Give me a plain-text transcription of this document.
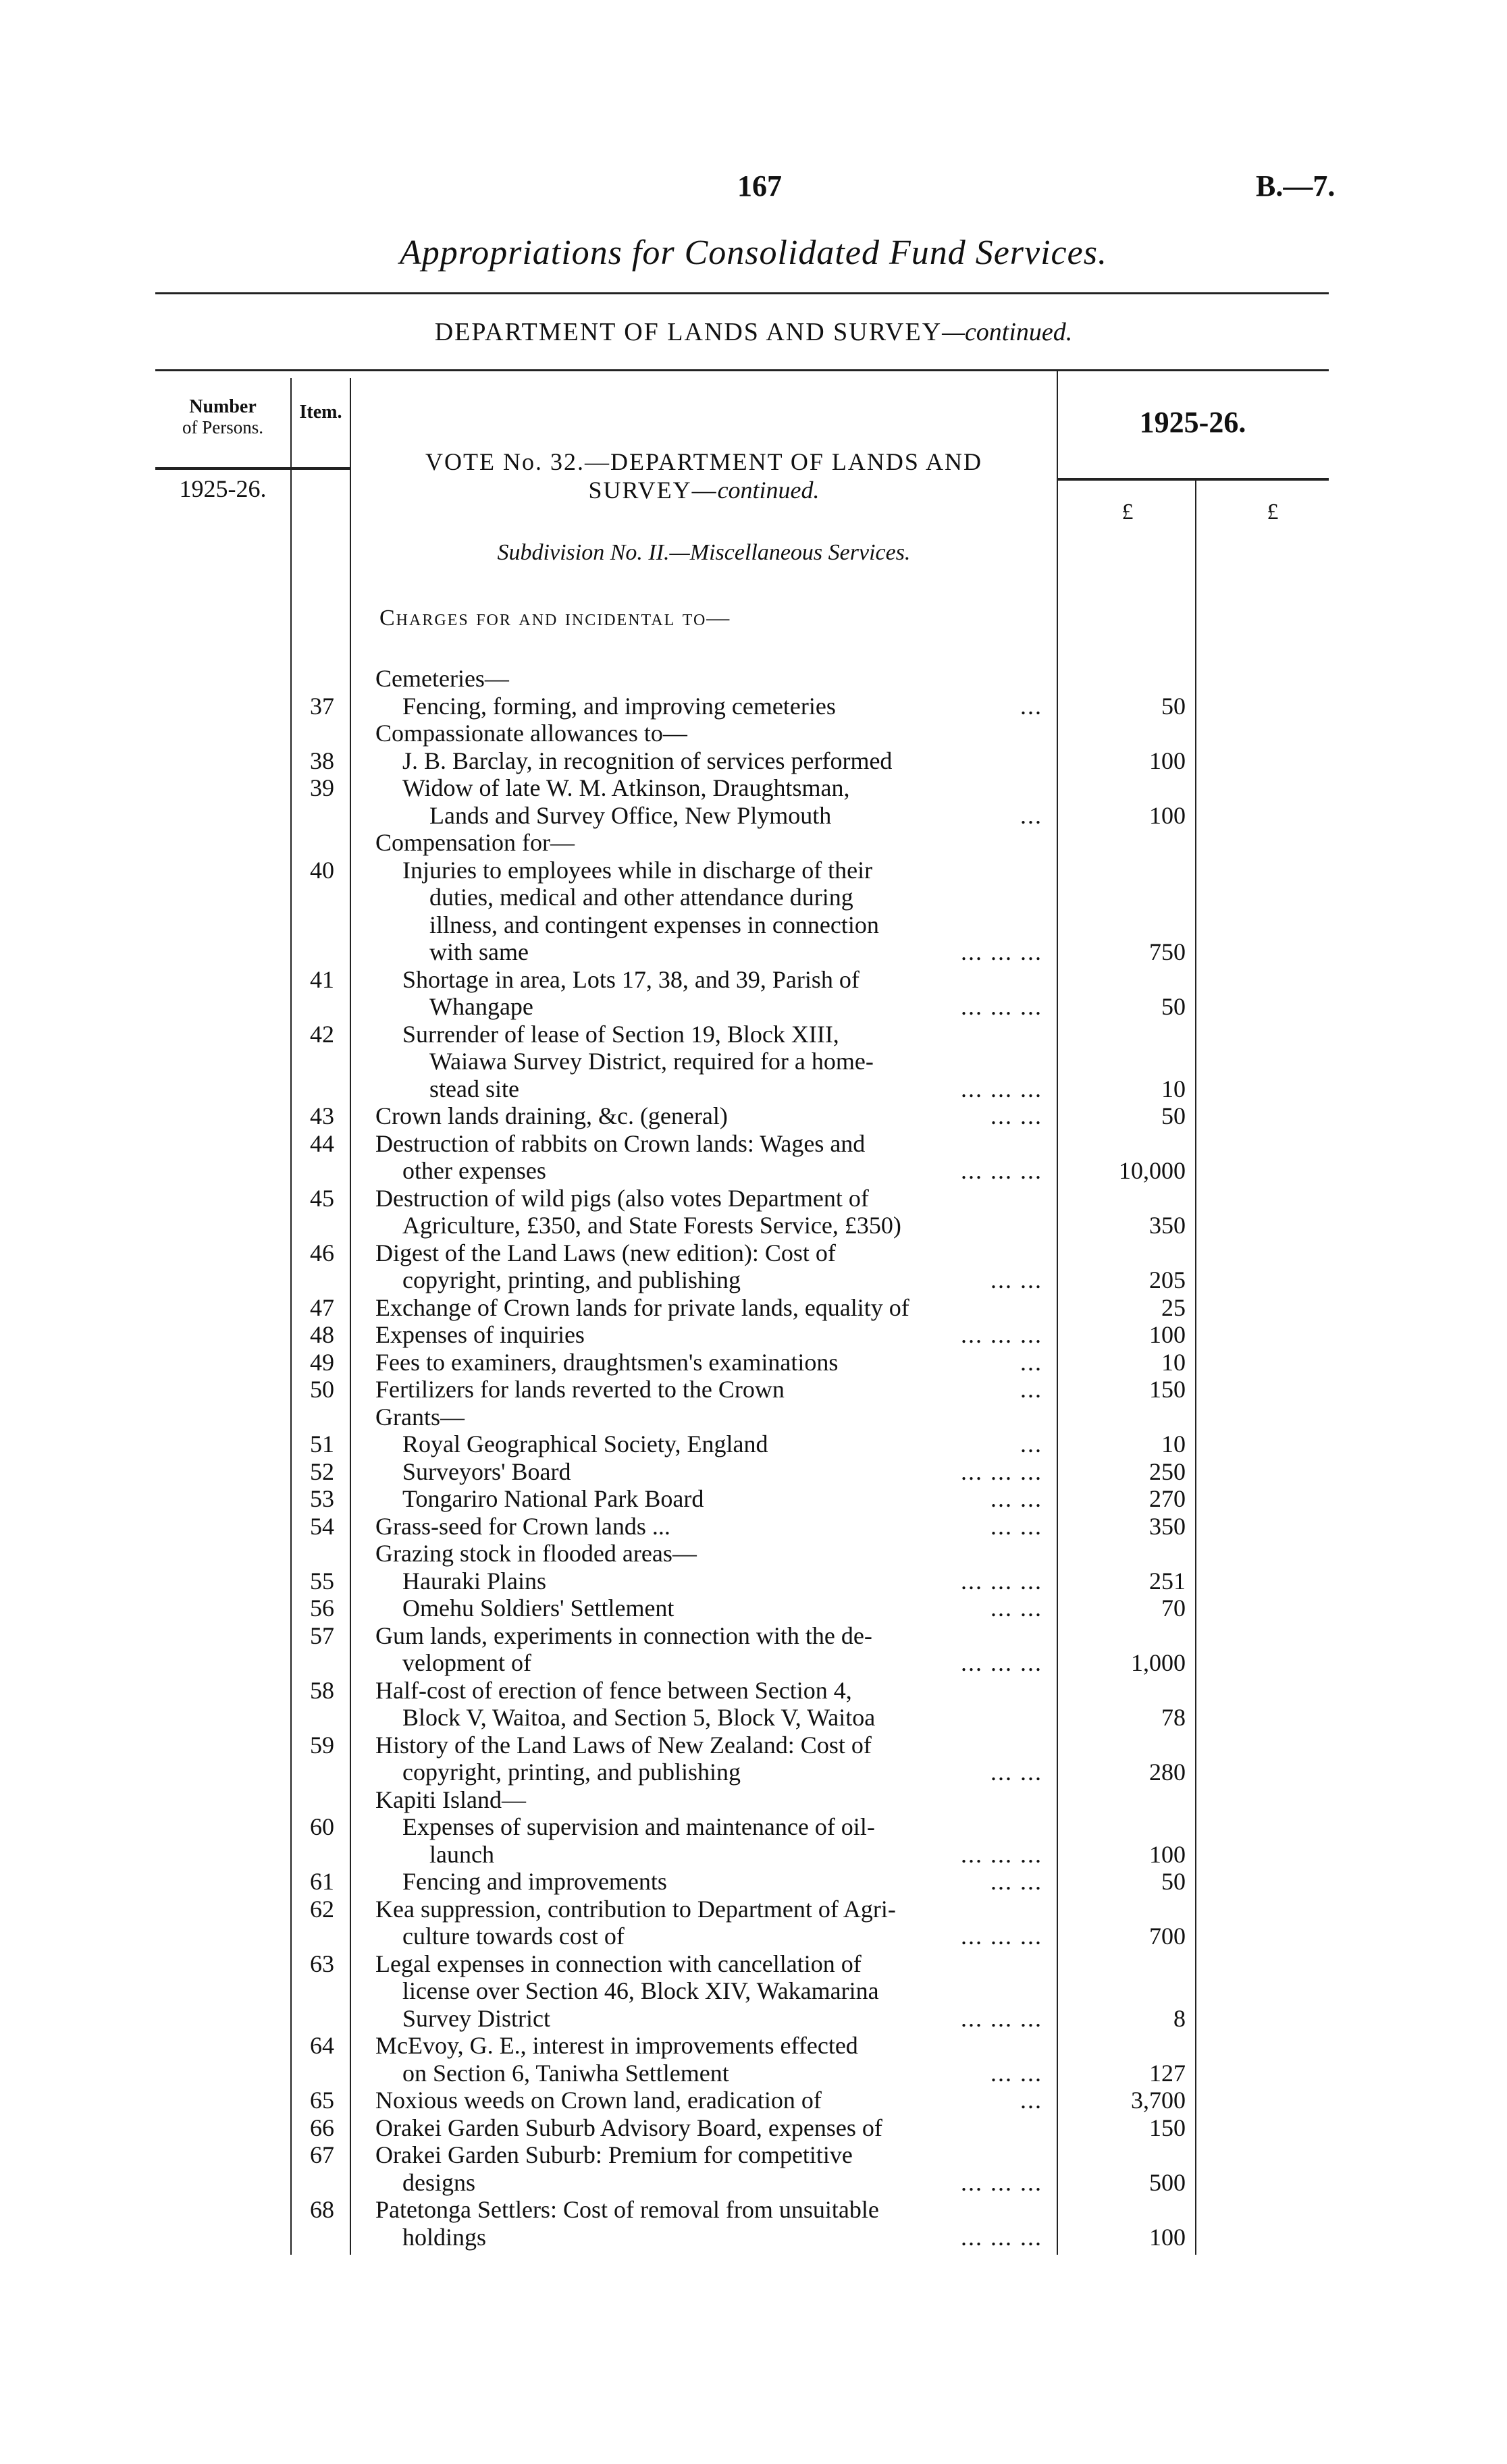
167	B.—7.
Appropriations for Consolidated Fund Services.
DEPARTMENT OF LANDS AND SURVEY—continued.
Number
of Persons.
Item.	1925-26.
1925-26.
£	£
VOTE No. 32.—DEPARTMENT OF LANDS AND
SURVEY—continued.
Subdivision No. II.—Miscellaneous Services.
Charges for and incidental to—
Cemeteries—
37	Fencing, forming, and improving cemeteries	...	50
Compassionate allowances to—
38	J. B. Barclay, in recognition of services performed	100
39	Widow of late W. M. Atkinson, Draughtsman,
Lands and Survey Office, New Plymouth	...	100
Compensation for—
40	Injuries to employees while in discharge of their
duties, medical and other attendance during
illness, and contingent expenses in connection
with same	... ... ...	750
41	Shortage in area, Lots 17, 38, and 39, Parish of
Whangape	... ... ...	50
42	Surrender of lease of Section 19, Block XIII,
Waiawa Survey District, required for a home-
stead site	... ... ...	10
43	Crown lands draining, &c. (general)	... ...	50
44	Destruction of rabbits on Crown lands: Wages and
other expenses	... ... ...	10,000
45	Destruction of wild pigs (also votes Department of
Agriculture, £350, and State Forests Service, £350)	350
46	Digest of the Land Laws (new edition): Cost of
copyright, printing, and publishing	... ...	205
47	Exchange of Crown lands for private lands, equality of	25
48	Expenses of inquiries	... ... ...	100
49	Fees to examiners, draughtsmen's examinations	...	10
50	Fertilizers for lands reverted to the Crown	...	150
Grants—
51	Royal Geographical Society, England	...	10
52	Surveyors' Board	... ... ...	250
53	Tongariro National Park Board	... ...	270
54	Grass-seed for Crown lands ...	... ...	350
Grazing stock in flooded areas—
55	Hauraki Plains	... ... ...	251
56	Omehu Soldiers' Settlement	... ...	70
57	Gum lands, experiments in connection with the de-
velopment of	... ... ...	1,000
58	Half-cost of erection of fence between Section 4,
Block V, Waitoa, and Section 5, Block V, Waitoa	78
59	History of the Land Laws of New Zealand: Cost of
copyright, printing, and publishing	... ...	280
Kapiti Island—
60	Expenses of supervision and maintenance of oil-
launch	... ... ...	100
61	Fencing and improvements	... ...	50
62	Kea suppression, contribution to Department of Agri-
culture towards cost of	... ... ...	700
63	Legal expenses in connection with cancellation of
license over Section 46, Block XIV, Wakamarina
Survey District	... ... ...	8
64	McEvoy, G. E., interest in improvements effected
on Section 6, Taniwha Settlement	... ...	127
65	Noxious weeds on Crown land, eradication of	...	3,700
66	Orakei Garden Suburb Advisory Board, expenses of	150
67	Orakei Garden Suburb: Premium for competitive
designs	... ... ...	500
68	Patetonga Settlers: Cost of removal from unsuitable
holdings	... ... ...	100
